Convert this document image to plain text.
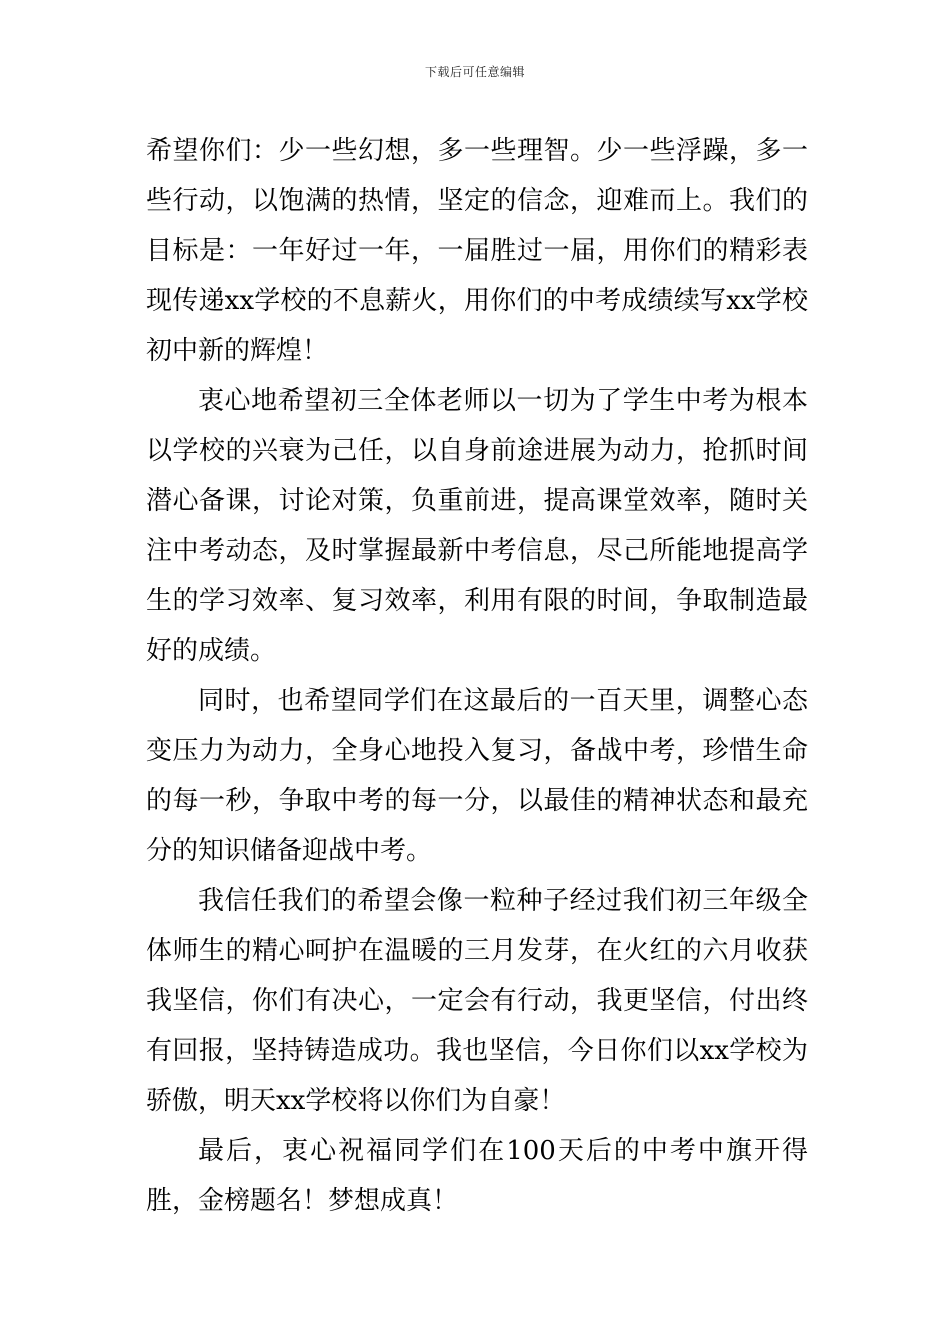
下载后可任意编辑

希望你们：少一些幻想，多一些理智。少一些浮躁，多一些行动，以饱满的热情，坚定的信念，迎难而上。我们的目标是：一年好过一年，一届胜过一届，用你们的精彩表现传递xx学校的不息薪火，用你们的中考成绩续写xx学校初中新的辉煌！

衷心地希望初三全体老师以一切为了学生中考为根本以学校的兴衰为己任，以自身前途进展为动力，抢抓时间潜心备课，讨论对策，负重前进，提高课堂效率，随时关注中考动态，及时掌握最新中考信息，尽己所能地提高学生的学习效率、复习效率，利用有限的时间，争取制造最好的成绩。

同时，也希望同学们在这最后的一百天里，调整心态变压力为动力，全身心地投入复习，备战中考，珍惜生命的每一秒，争取中考的每一分，以最佳的精神状态和最充分的知识储备迎战中考。

我信任我们的希望会像一粒种子经过我们初三年级全体师生的精心呵护在温暖的三月发芽，在火红的六月收获我坚信，你们有决心，一定会有行动，我更坚信，付出终有回报，坚持铸造成功。我也坚信，今日你们以xx学校为骄傲，明天xx学校将以你们为自豪！

最后，衷心祝福同学们在100天后的中考中旗开得胜，金榜题名！梦想成真！
